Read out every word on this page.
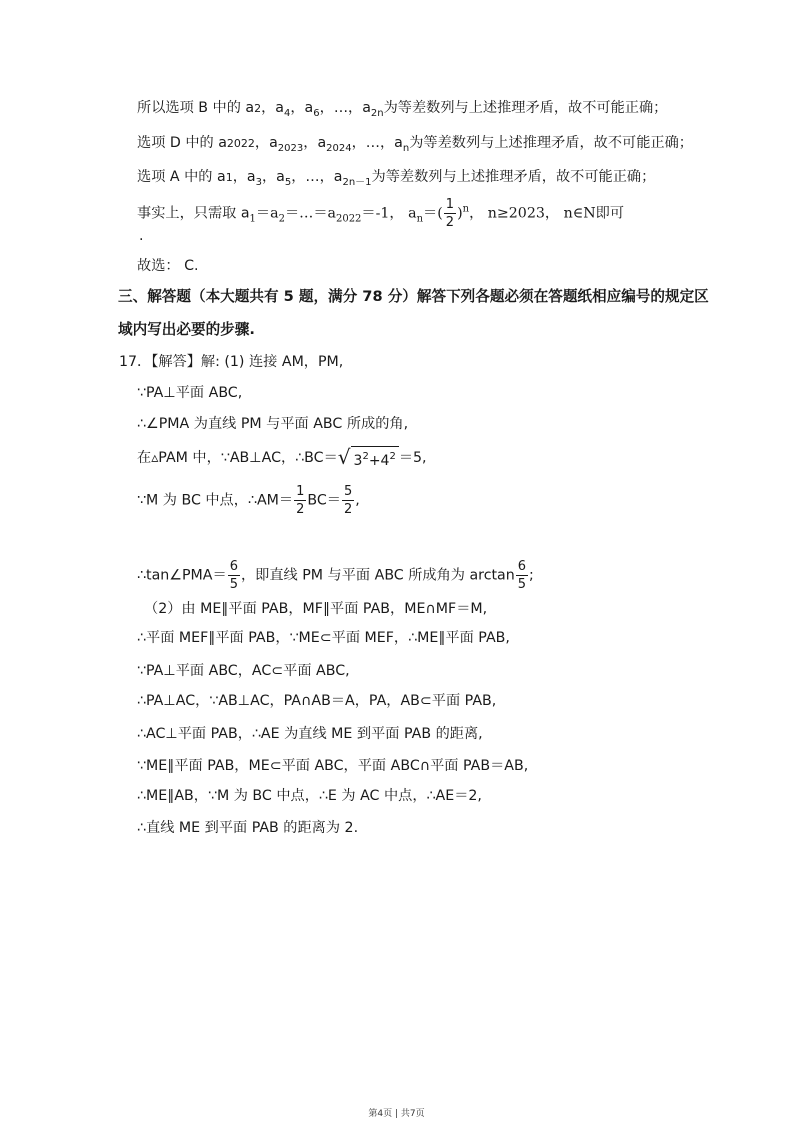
所以选项 B 中的 a2，$a_4$，$a_6$，…，$a_{2n}$为等差数列与上述推理矛盾，故不可能正确；
选项 D 中的 a2022，$a_{2023}$，$a_{2024}$，…，$a_n$为等差数列与上述推理矛盾，故不可能正确；
选项 A 中的 a1，$a_3$，$a_5$，…，$a_{2n-1}$为等差数列与上述推理矛盾，故不可能正确；
事实上，只需取 $a_1=a_2=\dots=a_{2022}=-1$， $a_n=( \frac{1}{2} )^n$， n≥2023， n∈N即可
.
故选： C.
三、解答题（本大题共有 5 题，满分 78 分）解答下列各题必须在答题纸相应编号的规定区
域内写出必要的步骤.
17．【解答】解: (1) 连接 AM，PM,
∵PA⊥平面 ABC,
∴∠PMA 为直线 PM 与平面 ABC 所成的角,
在▵PAM 中，∵AB⊥AC，∴BC＝ √ $3^2+4^2 =5$,
∵M 为 BC 中点，∴AM＝ $\frac{1}{2} BC= \frac{5}{2}$ ,
∴tan∠PMA＝ $\frac{6}{5}$ ，即直线 PM 与平面 ABC 所成角为 $\arctan \frac{6}{5}$ ;
（2）由 ME∥平面 PAB，MF∥平面 PAB，ME∩MF＝M,
∴平面 MEF∥平面 PAB，∵ME⊂平面 MEF，∴ME∥平面 PAB,
∵PA⊥平面 ABC，AC⊂平面 ABC,
∴PA⊥AC，∵AB⊥AC，PA∩AB＝A，PA，AB⊂平面 PAB,
∴AC⊥平面 PAB，∴AE 为直线 ME 到平面 PAB 的距离,
∵ME∥平面 PAB，ME⊂平面 ABC，平面 ABC∩平面 PAB＝AB,
∴ME∥AB，∵M 为 BC 中点，∴E 为 AC 中点，∴AE＝2,
∴直线 ME 到平面 PAB 的距离为 2.
第4页 | 共7页
